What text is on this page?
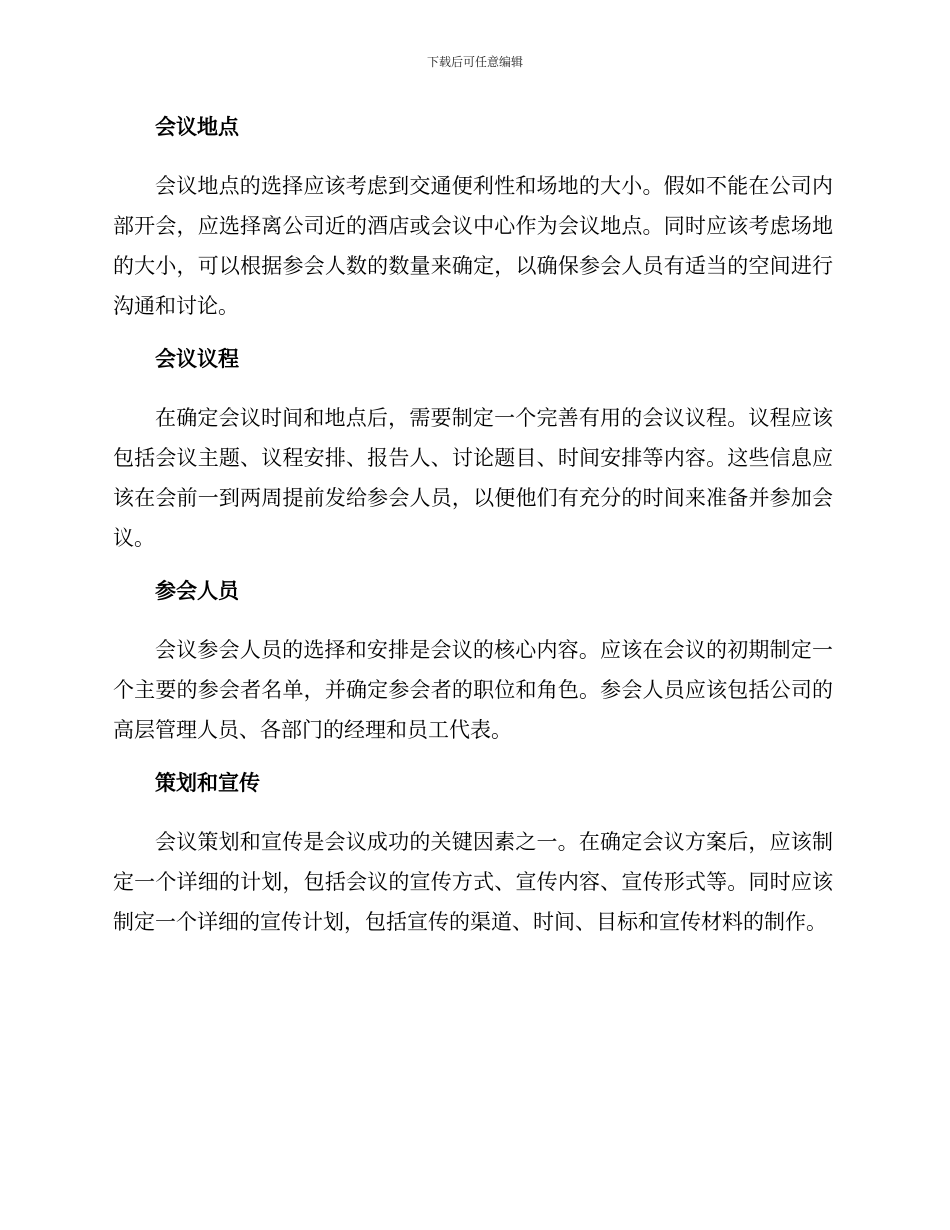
下载后可任意编辑
会议地点

会议地点的选择应该考虑到交通便利性和场地的大小。假如不能在公司内部开会，应选择离公司近的酒店或会议中心作为会议地点。同时应该考虑场地的大小，可以根据参会人数的数量来确定，以确保参会人员有适当的空间进行沟通和讨论。

会议议程

在确定会议时间和地点后，需要制定一个完善有用的会议议程。议程应该包括会议主题、议程安排、报告人、讨论题目、时间安排等内容。这些信息应该在会前一到两周提前发给参会人员，以便他们有充分的时间来准备并参加会议。

参会人员

会议参会人员的选择和安排是会议的核心内容。应该在会议的初期制定一个主要的参会者名单，并确定参会者的职位和角色。参会人员应该包括公司的高层管理人员、各部门的经理和员工代表。

策划和宣传

会议策划和宣传是会议成功的关键因素之一。在确定会议方案后，应该制定一个详细的计划，包括会议的宣传方式、宣传内容、宣传形式等。同时应该制定一个详细的宣传计划，包括宣传的渠道、时间、目标和宣传材料的制作。
